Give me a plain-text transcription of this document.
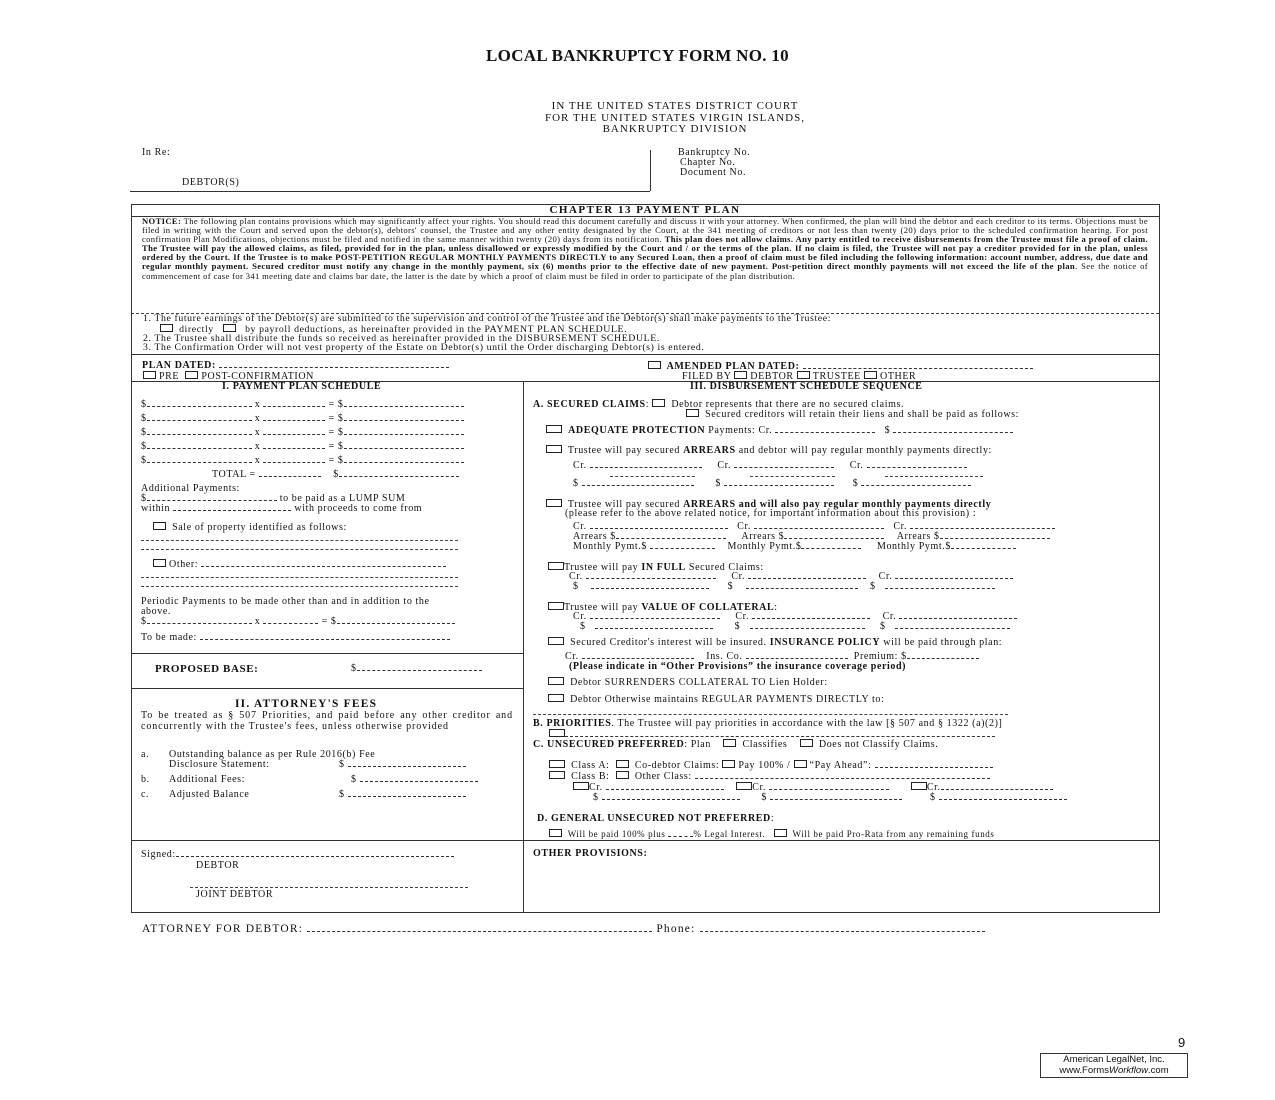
LOCAL BANKRUPTCY FORM NO. 10
IN THE UNITED STATES DISTRICT COURT
FOR THE UNITED STATES VIRGIN ISLANDS,
BANKRUPTCY DIVISION
In Re:
DEBTOR(S)
Bankruptcy No.
Chapter No.
Document No.
CHAPTER 13 PAYMENT PLAN
NOTICE: The following plan contains provisions which may significantly affect your rights. You should read this document carefully and discuss it with your attorney. When confirmed, the plan will bind the debtor and each creditor to its terms. Objections must be filed in writing with the Court and served upon the debtor(s), debtors' counsel, the Trustee and any other entity designated by the Court, at the 341 meeting of creditors or not less than twenty (20) days prior to the scheduled confirmation hearing. For post confirmation Plan Modifications, objections must be filed and notified in the same manner within twenty (20) days from its notification. This plan does not allow claims. Any party entitled to receive disbursements from the Trustee must file a proof of claim. The Trustee will pay the allowed claims, as filed, provided for in the plan, unless disallowed or expressly modified by the Court and / or the terms of the plan. If no claim is filed, the Trustee will not pay a creditor provided for in the plan, unless ordered by the Court. If the Trustee is to make POST-PETITION REGULAR MONTHLY PAYMENTS DIRECTLY to any Secured Loan, then a proof of claim must be filed including the following information: account number, address, due date and regular monthly payment. Secured creditor must notify any change in the monthly payment, six (6) months prior to the effective date of new payment. Post-petition direct monthly payments will not exceed the life of the plan. See the notice of commencement of case for 341 meeting date and claims bar date, the latter is the date by which a proof of claim must be filed in order to participate of the plan distribution.
1. The future earnings of the Debtor(s) are submitted to the supervision and control of the Trustee and the Debtor(s) shall make payments to the Trustee:
directly	by payroll deductions, as hereinafter provided in the PAYMENT PLAN SCHEDULE.
2. The Trustee shall distribute the funds so received as hereinafter provided in the DISBURSEMENT SCHEDULE.
3. The Confirmation Order will not vest property of the Estate on Debtor(s) until the Order discharging Debtor(s) is entered.
PLAN DATED:
PRE POST-CONFIRMATION
AMENDED PLAN DATED:
FILED BY DEBTOR TRUSTEE OTHER
I. PAYMENT PLAN SCHEDULE
$	x	= $
$	x	= $
$	x	= $
$	x	= $
$	x	= $
TOTAL =	$
Additional Payments:
$	to be paid as a LUMP SUM
within	with proceeds to come from
Sale of property identified as follows:
Other:
Periodic Payments to be made other than and in addition to the
above.
$	x	= $
To be made:
PROPOSED BASE:	$
II. ATTORNEY'S FEES
To be treated as § 507 Priorities, and paid before any other creditor and concurrently with the Trustee's fees, unless otherwise provided
a. Outstanding balance as per Rule 2016(b) Fee
Disclosure Statement:	$
b. Additional Fees:	$
c. Adjusted Balance	$
Signed:
DEBTOR
JOINT DEBTOR
III. DISBURSEMENT SCHEDULE SEQUENCE
A. SECURED CLAIMS:  Debtor represents that there are no secured claims.
Secured creditors will retain their liens and shall be paid as follows:
ADEQUATE PROTECTION Payments: Cr.	$
Trustee will pay secured ARREARS and debtor will pay regular monthly payments directly:
Cr.	Cr.	Cr.
$	$	$
Trustee will pay secured ARREARS and will also pay regular monthly payments directly
(please refer to the above related notice, for important information about this provision) :
Cr.	Cr.	Cr.
Arrears $	Arrears $	Arrears $
Monthly Pymt.$	Monthly Pymt.$	Monthly Pymt.$
Trustee will pay IN FULL Secured Claims:
Cr.	Cr.	Cr.
$	$	$
Trustee will pay VALUE OF COLLATERAL:
Cr.	Cr.	Cr.
$	$	$
Secured Creditor's interest will be insured. INSURANCE POLICY will be paid through plan:
Cr.	Ins. Co.	Premium: $
(Please indicate in “Other Provisions” the insurance coverage period)
Debtor SURRENDERS COLLATERAL TO Lien Holder:
Debtor Otherwise maintains REGULAR PAYMENTS DIRECTLY to:
B. PRIORITIES. The Trustee will pay priorities in accordance with the law [§ 507 and § 1322 (a)(2)]
C. UNSECURED PREFERRED: Plan	Classifies	Does not Classify Claims.
Class A:	Co-debtor Claims: Pay 100% / “Pay Ahead”:
Class B:	Other Class:
Cr.	Cr.	Cr.
$	$	$
D. GENERAL UNSECURED NOT PREFERRED:
Will be paid 100% plus	% Legal Interest.	Will be paid Pro-Rata from any remaining funds
OTHER PROVISIONS:
ATTORNEY FOR DEBTOR:	Phone:
9
American LegalNet, Inc.
www.FormsWorkflow.com
